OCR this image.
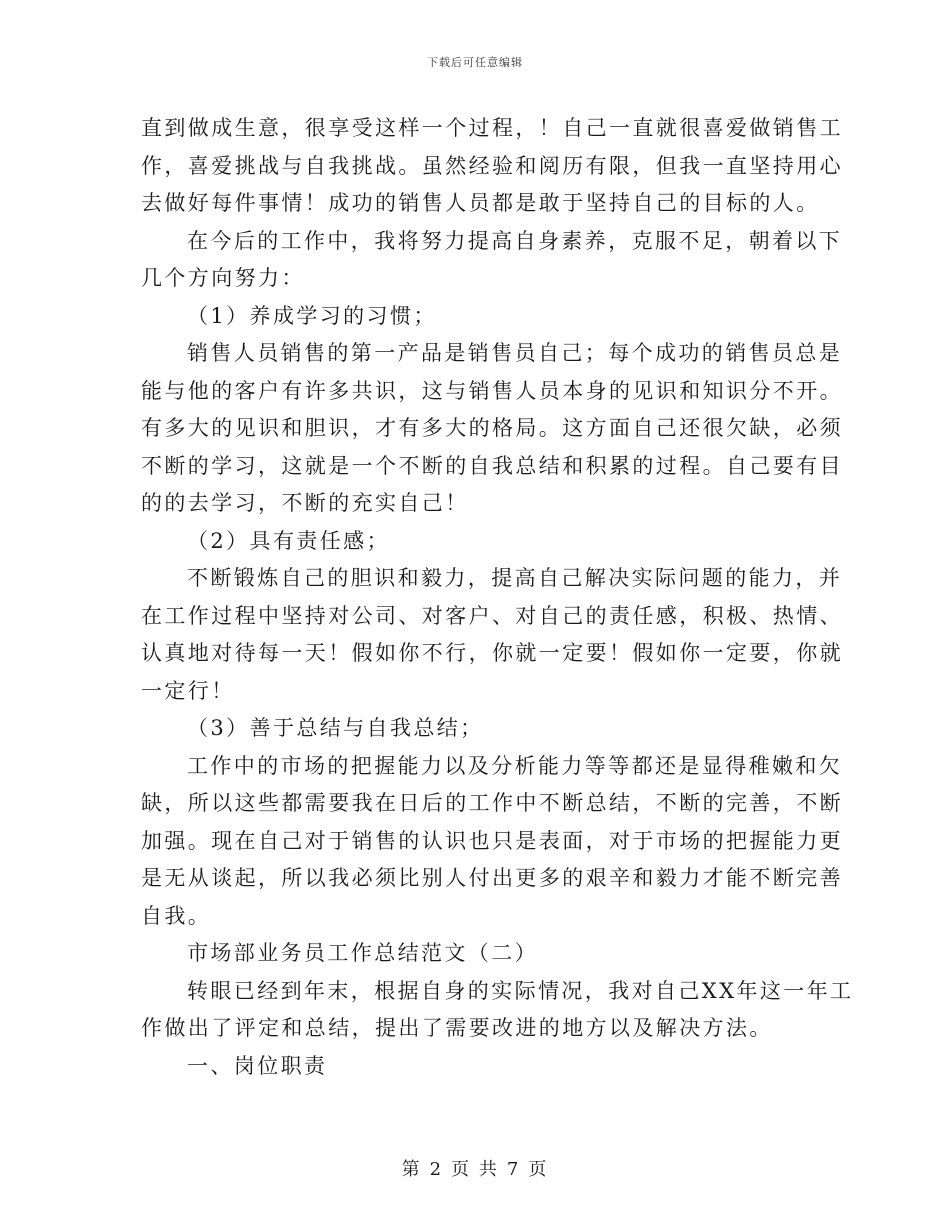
下载后可任意编辑
直到做成生意，很享受这样一个过程，！自己一直就很喜爱做销售工
作，喜爱挑战与自我挑战。虽然经验和阅历有限，但我一直坚持用心
去做好每件事情！成功的销售人员都是敢于坚持自己的目标的人。
在今后的工作中，我将努力提高自身素养，克服不足，朝着以下
几个方向努力：
（1）养成学习的习惯；
销售人员销售的第一产品是销售员自己；每个成功的销售员总是
能与他的客户有许多共识，这与销售人员本身的见识和知识分不开。
有多大的见识和胆识，才有多大的格局。这方面自己还很欠缺，必须
不断的学习，这就是一个不断的自我总结和积累的过程。自己要有目
的的去学习，不断的充实自己！
（2）具有责任感；
不断锻炼自己的胆识和毅力，提高自己解决实际问题的能力，并
在工作过程中坚持对公司、对客户、对自己的责任感，积极、热情、
认真地对待每一天！假如你不行，你就一定要！假如你一定要，你就
一定行！
（3）善于总结与自我总结；
工作中的市场的把握能力以及分析能力等等都还是显得稚嫩和欠
缺，所以这些都需要我在日后的工作中不断总结，不断的完善，不断
加强。现在自己对于销售的认识也只是表面，对于市场的把握能力更
是无从谈起，所以我必须比别人付出更多的艰辛和毅力才能不断完善
自我。
市场部业务员工作总结范文（二）
转眼已经到年末，根据自身的实际情况，我对自己XX年这一年工
作做出了评定和总结，提出了需要改进的地方以及解决方法。
一、岗位职责
第 2 页 共 7 页
